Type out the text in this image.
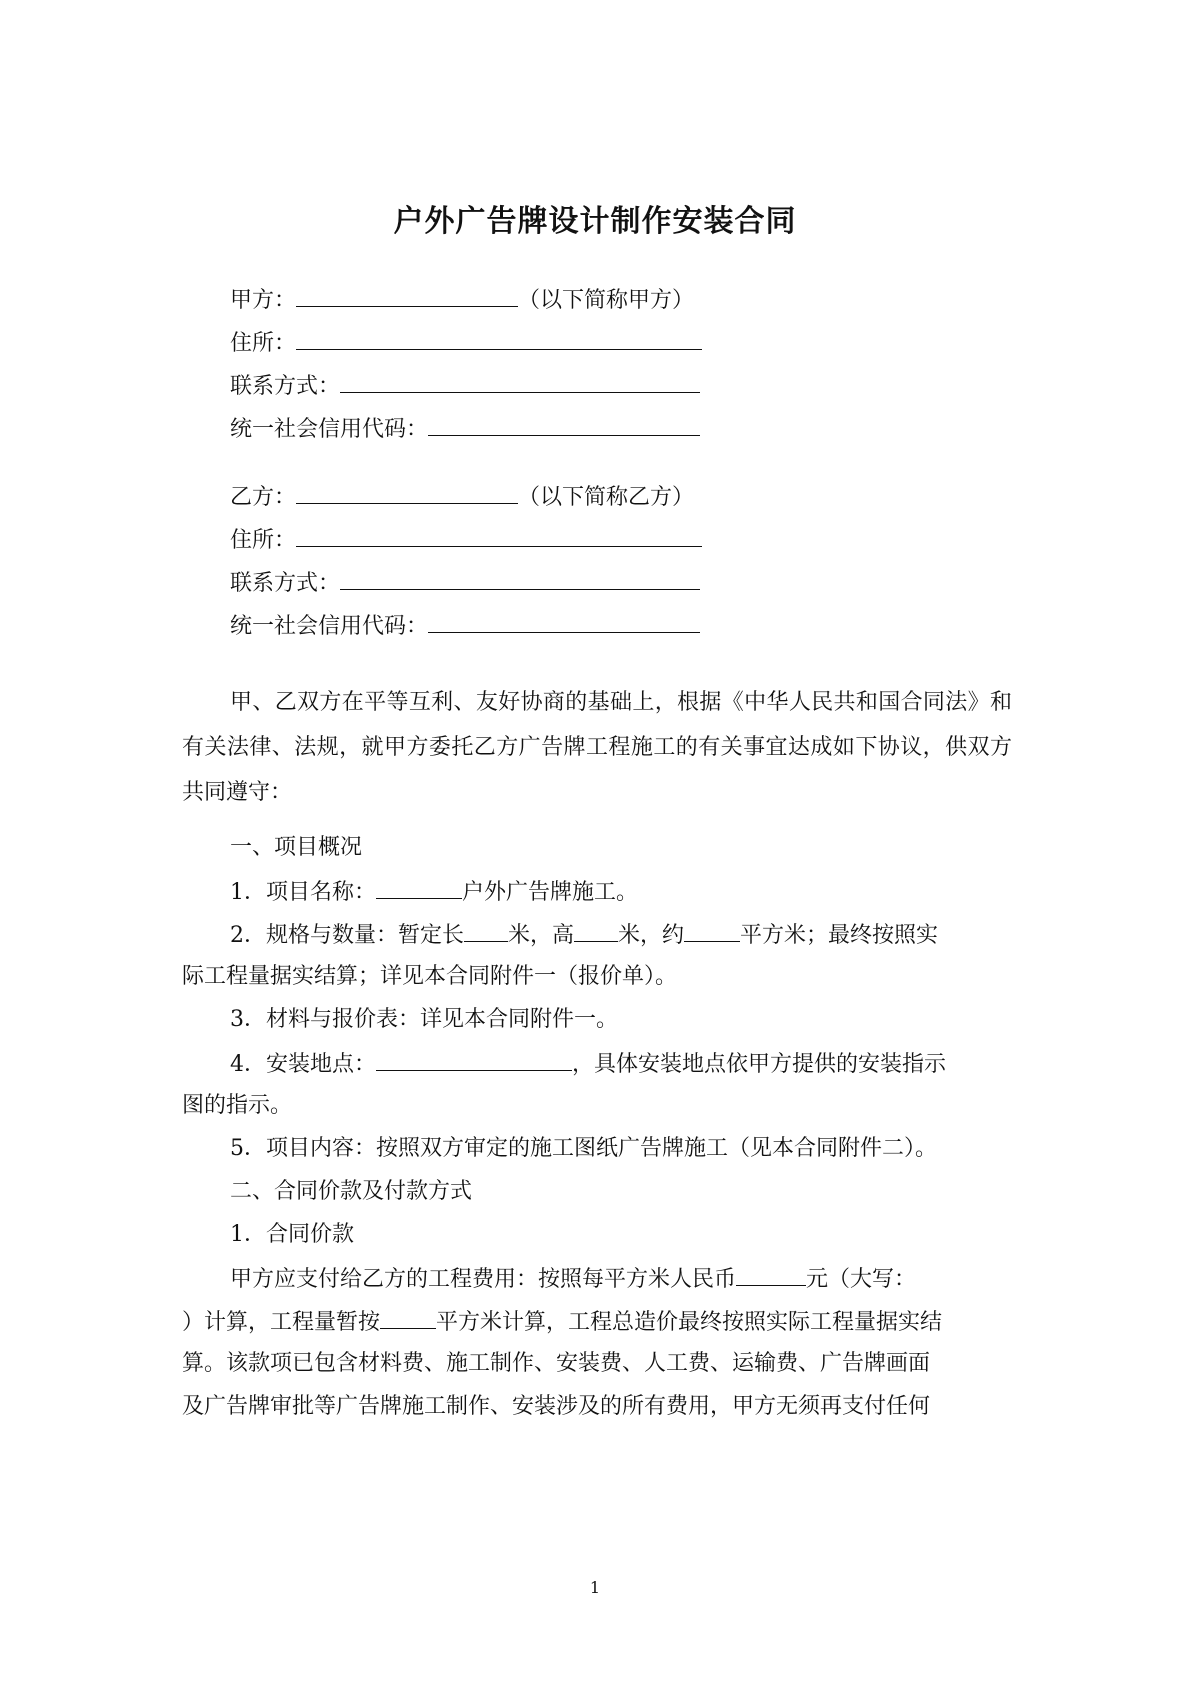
户外广告牌设计制作安装合同
甲方：	（以下简称甲方）
住所：
联系方式：
统一社会信用代码：
乙方：	（以下简称乙方）
住所：
联系方式：
统一社会信用代码：
甲、乙双方在平等互利、友好协商的基础上，根据《中华人民共和国合同法》和有关法律、法规，就甲方委托乙方广告牌工程施工的有关事宜达成如下协议，供双方共同遵守：
一、项目概况
1．项目名称：	户外广告牌施工。
2．规格与数量：暂定长 米，高 米，约	平方米；最终按照实
际工程量据实结算；详见本合同附件一（报价单）。
3．材料与报价表：详见本合同附件一。
4．安装地点：	，具体安装地点依甲方提供的安装指示
图的指示。
5．项目内容：按照双方审定的施工图纸广告牌施工（见本合同附件二）。
二、合同价款及付款方式
1．合同价款
甲方应支付给乙方的工程费用：按照每平方米人民币	元（大写：
）计算，工程量暂按	平方米计算，工程总造价最终按照实际工程量据实结
算。该款项已包含材料费、施工制作、安装费、人工费、运输费、广告牌画面
及广告牌审批等广告牌施工制作、安装涉及的所有费用，甲方无须再支付任何
1
